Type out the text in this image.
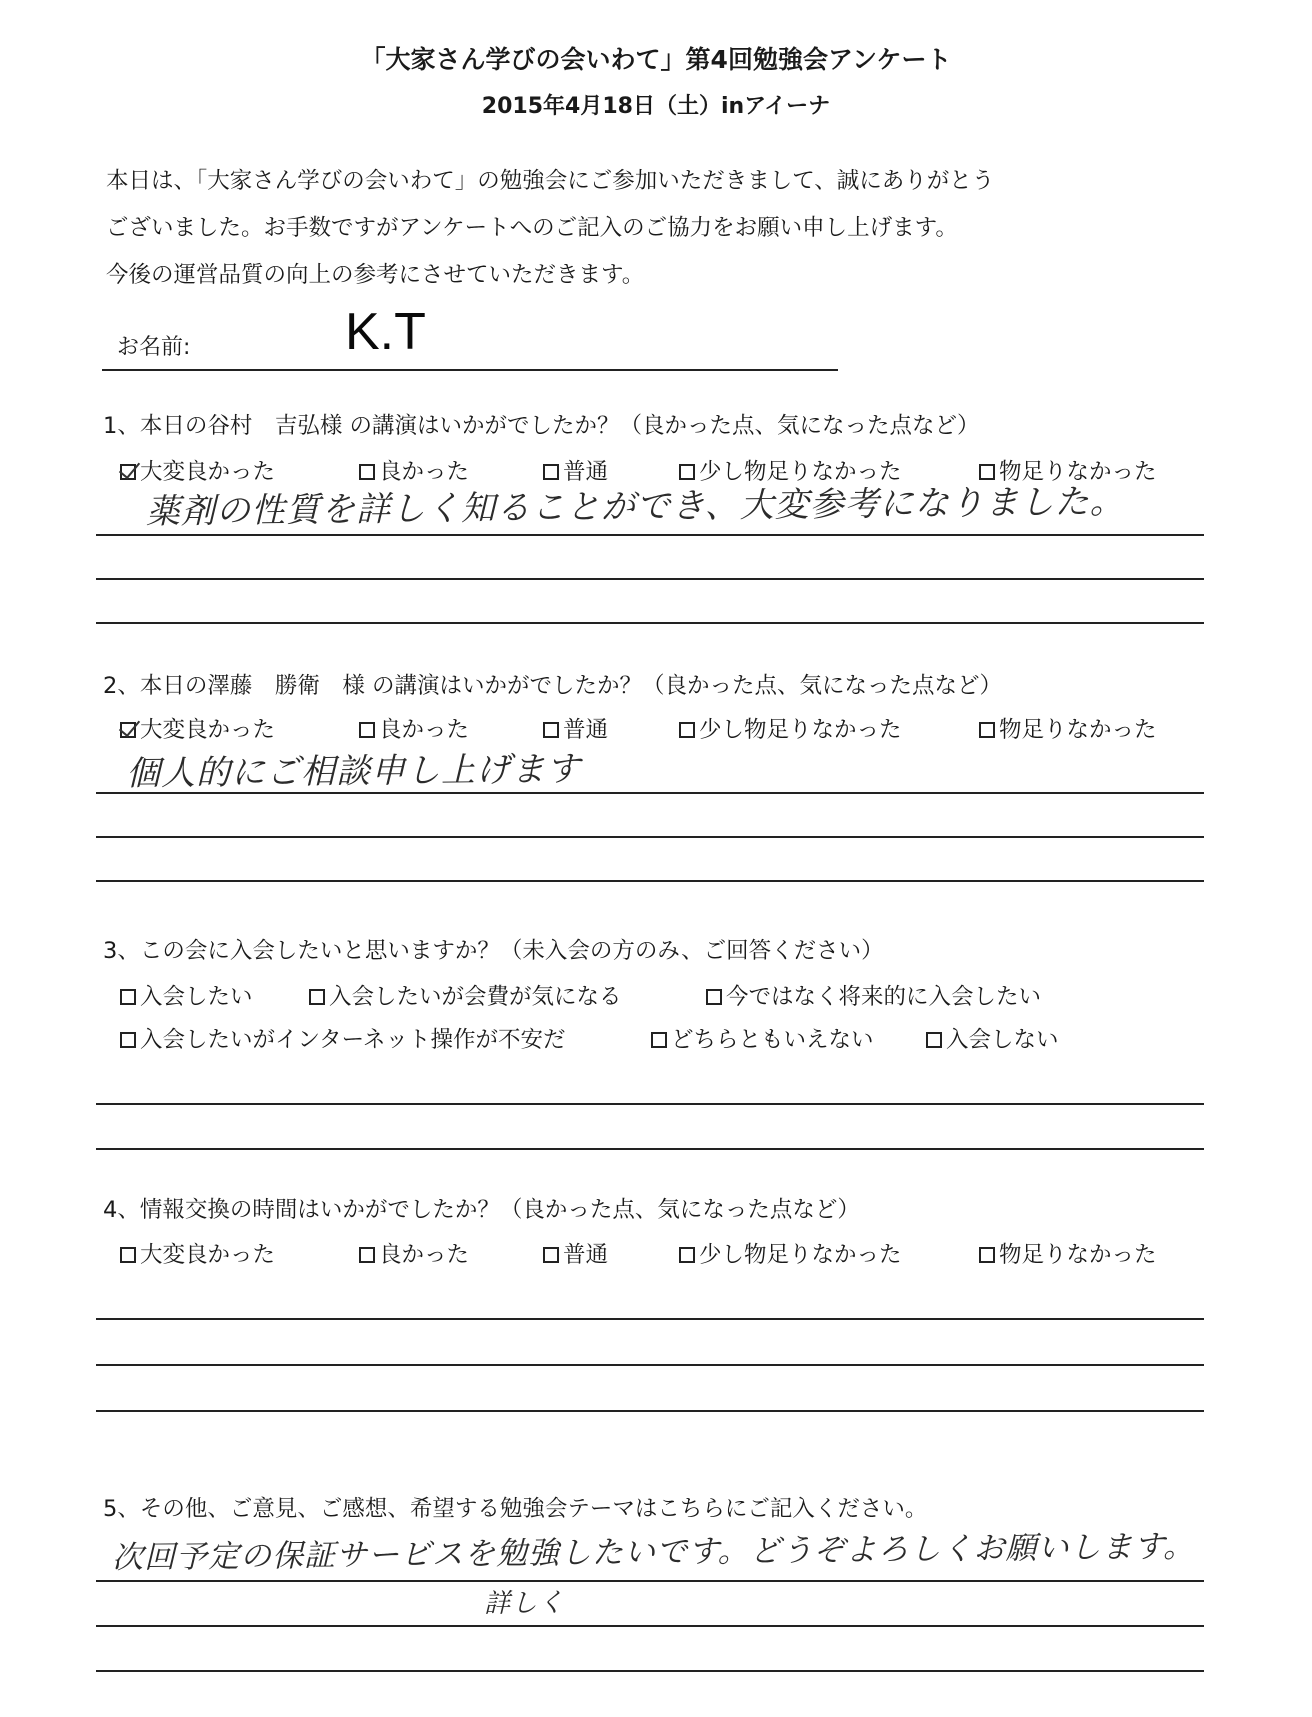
「大家さん学びの会いわて」第4回勉強会アンケート
2015年4月18日（土）inアイーナ
本日は、「大家さん学びの会いわて」の勉強会にご参加いただきまして、誠にありがとう
ございました。お手数ですがアンケートへのご記入のご協力をお願い申し上げます。
今後の運営品質の向上の参考にさせていただきます。
お名前:	K.T
1、本日の谷村　吉弘様 の講演はいかがでしたか？（良かった点、気になった点など）
大変良かった	良かった	普通	少し物足りなかった	物足りなかった
薬剤の性質を詳しく知ることができ、大変参考になりました。
2、本日の澤藤　勝衛　様 の講演はいかがでしたか？（良かった点、気になった点など）
大変良かった	良かった	普通	少し物足りなかった	物足りなかった
個人的にご相談申し上げます
3、この会に入会したいと思いますか？（未入会の方のみ、ご回答ください）
入会したい	入会したいが会費が気になる	今ではなく将来的に入会したい
入会したいがインターネット操作が不安だ	どちらともいえない	入会しない
4、情報交換の時間はいかがでしたか？（良かった点、気になった点など）
大変良かった	良かった	普通	少し物足りなかった	物足りなかった
5、その他、ご意見、ご感想、希望する勉強会テーマはこちらにご記入ください。
次回予定の保証サービスを勉強したいです。どうぞよろしくお願いします。
詳しく
